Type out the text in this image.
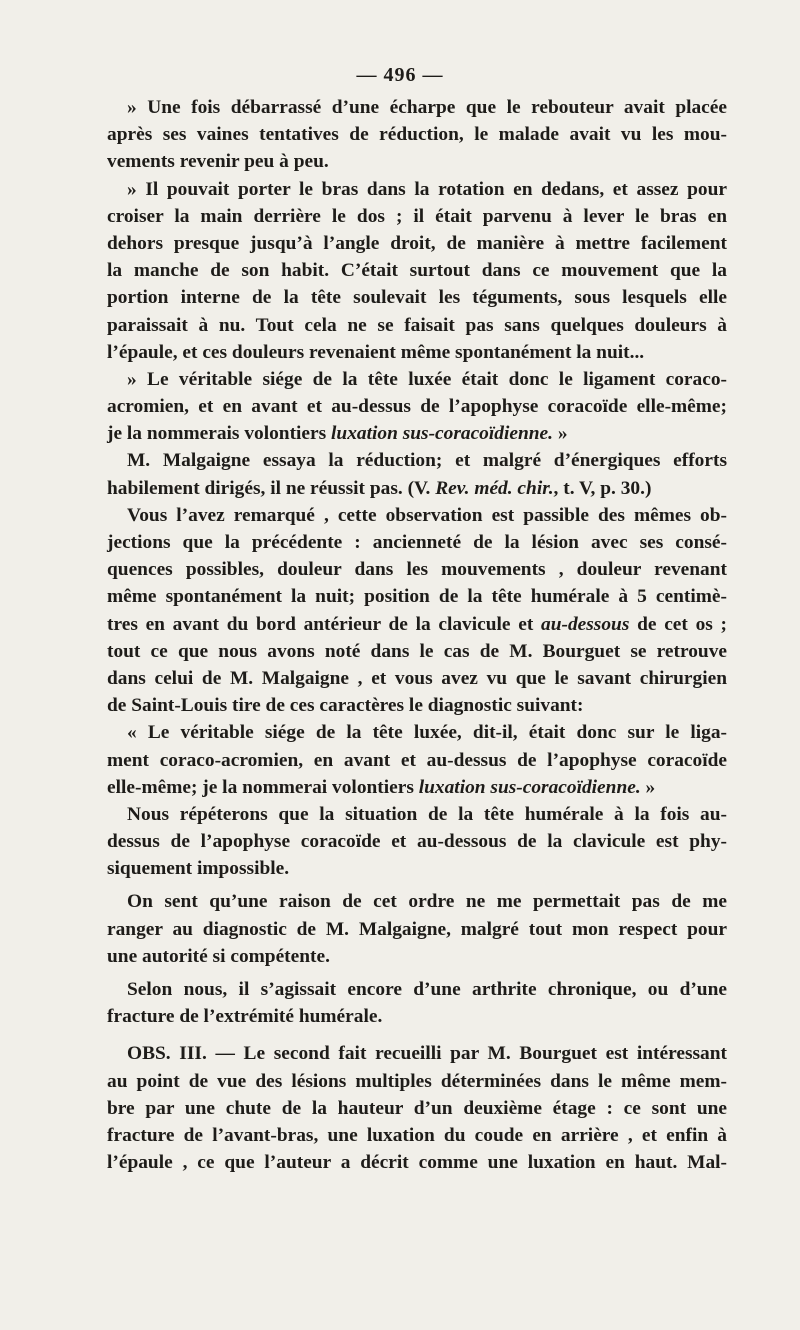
— 496 —
» Une fois débarrassé d’une écharpe que le rebouteur avait placée
après ses vaines tentatives de réduction, le malade avait vu les mou-
vements revenir peu à peu.
» Il pouvait porter le bras dans la rotation en dedans, et assez pour
croiser la main derrière le dos ; il était parvenu à lever le bras en
dehors presque jusqu’à l’angle droit, de manière à mettre facilement
la manche de son habit. C’était surtout dans ce mouvement que la
portion interne de la tête soulevait les téguments, sous lesquels elle
paraissait à nu. Tout cela ne se faisait pas sans quelques douleurs à
l’épaule, et ces douleurs revenaient même spontanément la nuit...
» Le véritable siége de la tête luxée était donc le ligament coraco-
acromien, et en avant et au-dessus de l’apophyse coracoïde elle-même;
je la nommerais volontiers luxation sus-coracoïdienne. »
M. Malgaigne essaya la réduction; et malgré d’énergiques efforts
habilement dirigés, il ne réussit pas. (V. Rev. méd. chir., t. V, p. 30.)
Vous l’avez remarqué , cette observation est passible des mêmes ob-
jections que la précédente : ancienneté de la lésion avec ses consé-
quences possibles, douleur dans les mouvements , douleur revenant
même spontanément la nuit; position de la tête humérale à 5 centimè-
tres en avant du bord antérieur de la clavicule et au-dessous de cet os ;
tout ce que nous avons noté dans le cas de M. Bourguet se retrouve
dans celui de M. Malgaigne , et vous avez vu que le savant chirurgien
de Saint-Louis tire de ces caractères le diagnostic suivant:
« Le véritable siége de la tête luxée, dit-il, était donc sur le liga-
ment coraco-acromien, en avant et au-dessus de l’apophyse coracoïde
elle-même; je la nommerai volontiers luxation sus-coracoïdienne. »
Nous répéterons que la situation de la tête humérale à la fois au-
dessus de l’apophyse coracoïde et au-dessous de la clavicule est phy-
siquement impossible.
On sent qu’une raison de cet ordre ne me permettait pas de me
ranger au diagnostic de M. Malgaigne, malgré tout mon respect pour
une autorité si compétente.
Selon nous, il s’agissait encore d’une arthrite chronique, ou d’une
fracture de l’extrémité humérale.
OBS. III. — Le second fait recueilli par M. Bourguet est intéressant
au point de vue des lésions multiples déterminées dans le même mem-
bre par une chute de la hauteur d’un deuxième étage : ce sont une
fracture de l’avant-bras, une luxation du coude en arrière , et enfin à
l’épaule , ce que l’auteur a décrit comme une luxation en haut. Mal-
